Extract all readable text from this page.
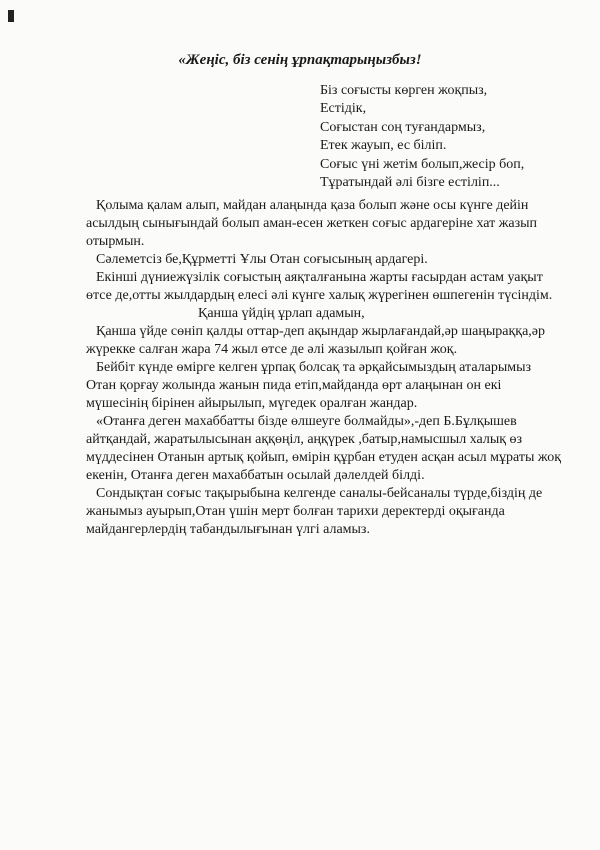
«Жеңіс, біз сенің ұрпақтарыңызбыз!
Біз соғысты көрген жоқпыз,
Естідік,
Соғыстан соң туғандармыз,
Етек жауып, ес біліп.
Соғыс үні жетім болып,жесір боп,
Тұратындай әлі бізге естіліп...

Қолыма қалам алып, майдан алаңында қаза болып және осы күнге дейін асылдың сынығындай болып аман-есен жеткен соғыс ардагеріне хат жазып отырмын.

Сәлеметсіз бе,Құрметті Ұлы Отан соғысының ардагері.

Екінші дүниежүзілік соғыстың аяқталғанына жарты ғасырдан астам уақыт өтсе де,отты жылдардың елесі әлі күнге халық жүрегінен өшпегенін түсіндім.

Қанша үйдің ұрлап адамын,

Қанша үйде сөніп қалды оттар-деп ақындар жырлағандай,әр шаңыраққа,әр жүрекке салған жара 74 жыл өтсе де әлі жазылып қойған жоқ.

Бейбіт күнде өмірге келген ұрпақ болсақ та әрқайсымыздың аталарымыз Отан қорғау жолында жанын пида етіп,майданда өрт алаңынан он екі мүшесінің бірінен айырылып, мүгедек оралған жандар.

«Отанға деген махаббатты бізде өлшеуге болмайды»,-деп Б.Бұлқышев айтқандай, жаратылысынан аққөңіл, аңқүрек ,батыр,намысшыл халық өз мүддесінен Отанын артық қойып, өмірін құрбан етуден асқан асыл мұраты жоқ екенін, Отанға деген махаббатын осылай дәлелдей білді.

Сондықтан соғыс тақырыбына келгенде саналы-бейсаналы түрде,біздің де жанымыз ауырып,Отан үшін мерт болған тарихи деректерді оқығанда майдангерлердің табандылығынан үлгі аламыз.
